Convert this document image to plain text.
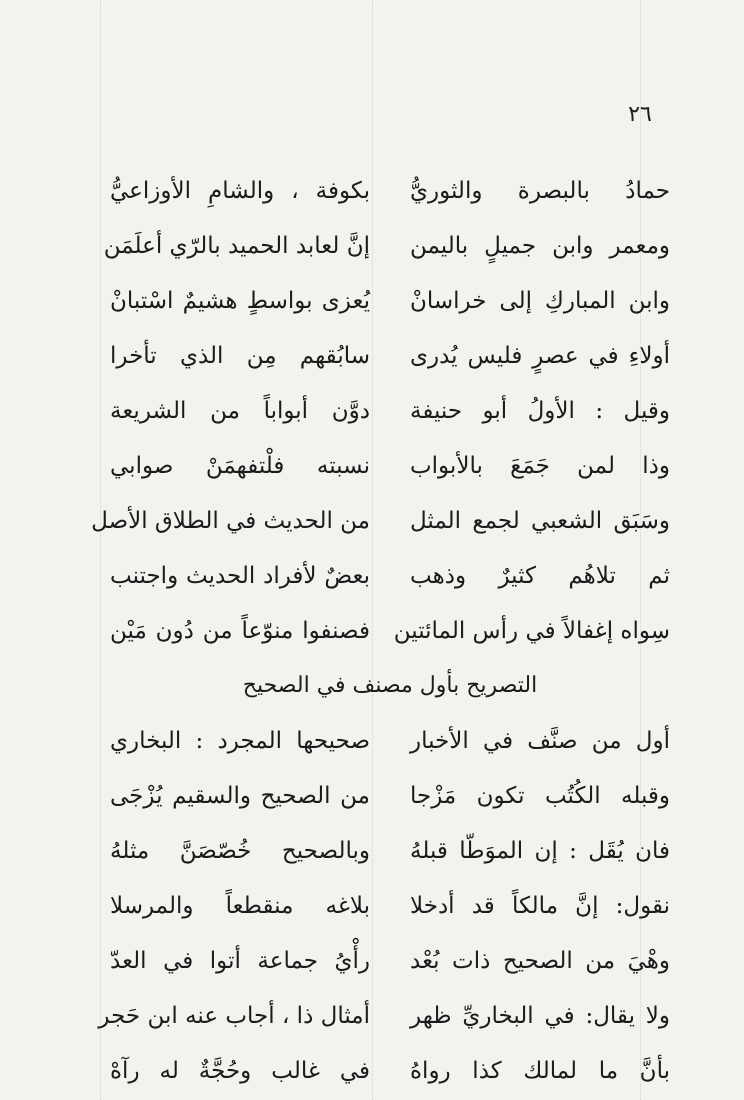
٢٦
حمادُ بالبصرة والثوريُّ
بكوفة ، والشامِ الأوزاعيُّ
ومعمر وابن جميلٍ باليمن
إنَّ لعابد الحميد بالرّي أعلَمَن
وابن المباركِ إلى خراسانْ
يُعزى بواسطٍ هشيمٌ اسْتبانْ
أولاءِ في عصرٍ فليس يُدرى
سابُقهم مِن الذي تأخرا
وقيل : الأولُ أبو حنيفة
دوَّن أبواباً من الشريعة
وذا لمن جَمَعَ بالأبواب
نسبته فلْتفهمَنْ صوابي
وسَبَق الشعبي لجمع المثل
من الحديث في الطلاق الأصل
ثم تلاهُم كثيرٌ وذهب
بعضٌ لأفراد الحديث واجتنب
سِواه إغفالاً في رأس المائتين
فصنفوا منوّعاً من دُون مَيْن
التصريح بأول مصنف في الصحيح
أول من صنَّف في الأخبار
صحيحها المجرد : البخاري
وقبله الكُتُب تكون مَزْجا
من الصحيح والسقيم يُزْجَى
فان يُقَل : إن الموَطّا قبلهُ
وبالصحيح خُصّصَنَّ مثلهُ
نقول: إنَّ مالكاً قد أدخلا
بلاغه منقطعاً والمرسلا
وهْيَ من الصحيح ذات بُعْد
رأْيُ جماعة أتوا في العدّ
ولا يقال: في البخاريِّ ظهر
أمثال ذا ، أجاب عنه ابن حَجر
بأنَّ ما لمالك كذا رواهُ
في غالب وحُجَّةٌ له رآهْ
